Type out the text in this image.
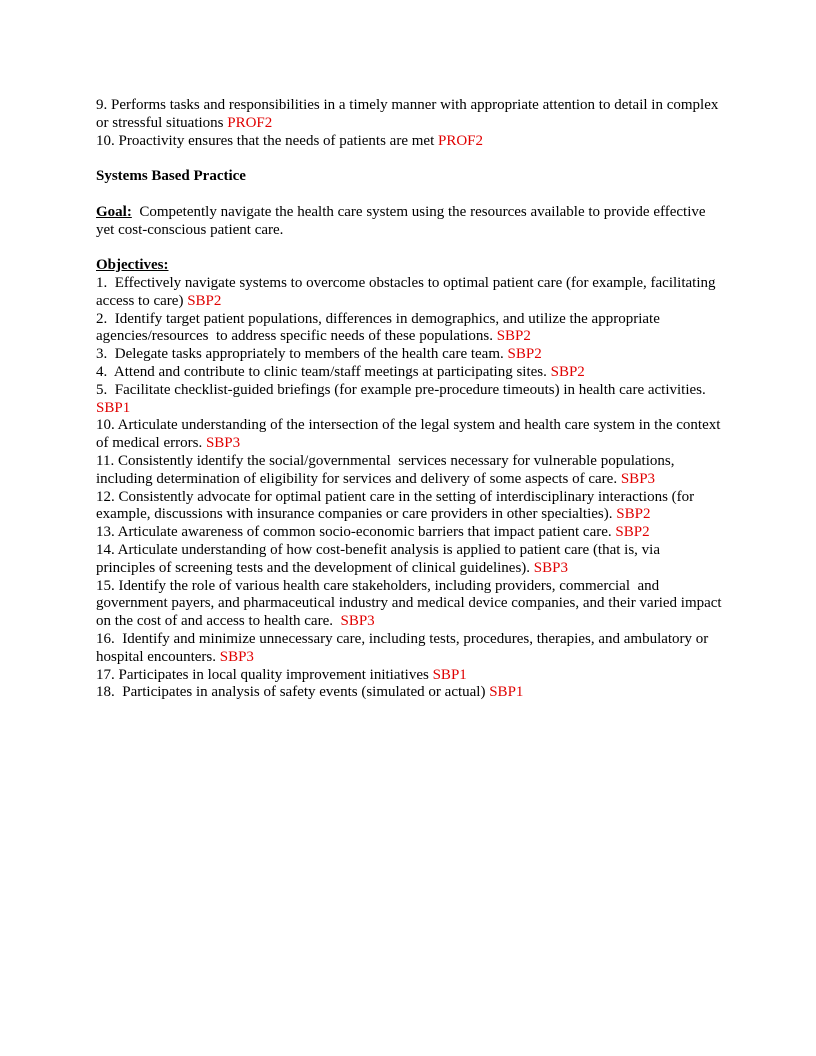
9. Performs tasks and responsibilities in a timely manner with appropriate attention to detail in complex or stressful situations PROF2

10. Proactivity ensures that the needs of patients are met PROF2

Systems Based Practice

Goal:  Competently navigate the health care system using the resources available to provide effective yet cost-conscious patient care.

Objectives:

1.  Effectively navigate systems to overcome obstacles to optimal patient care (for example, facilitating access to care) SBP2

2.  Identify target patient populations, differences in demographics, and utilize the appropriate agencies/resources  to address specific needs of these populations. SBP2

3.  Delegate tasks appropriately to members of the health care team. SBP2

4.  Attend and contribute to clinic team/staff meetings at participating sites. SBP2

5.  Facilitate checklist-guided briefings (for example pre-procedure timeouts) in health care activities. SBP1

10. Articulate understanding of the intersection of the legal system and health care system in the context of medical errors. SBP3

11. Consistently identify the social/governmental  services necessary for vulnerable populations, including determination of eligibility for services and delivery of some aspects of care. SBP3

12. Consistently advocate for optimal patient care in the setting of interdisciplinary interactions (for example, discussions with insurance companies or care providers in other specialties). SBP2

13. Articulate awareness of common socio-economic barriers that impact patient care. SBP2

14. Articulate understanding of how cost-benefit analysis is applied to patient care (that is, via principles of screening tests and the development of clinical guidelines). SBP3

15. Identify the role of various health care stakeholders, including providers, commercial  and government payers, and pharmaceutical industry and medical device companies, and their varied impact on the cost of and access to health care.  SBP3

16.  Identify and minimize unnecessary care, including tests, procedures, therapies, and ambulatory or hospital encounters. SBP3

17. Participates in local quality improvement initiatives SBP1

18.  Participates in analysis of safety events (simulated or actual) SBP1
